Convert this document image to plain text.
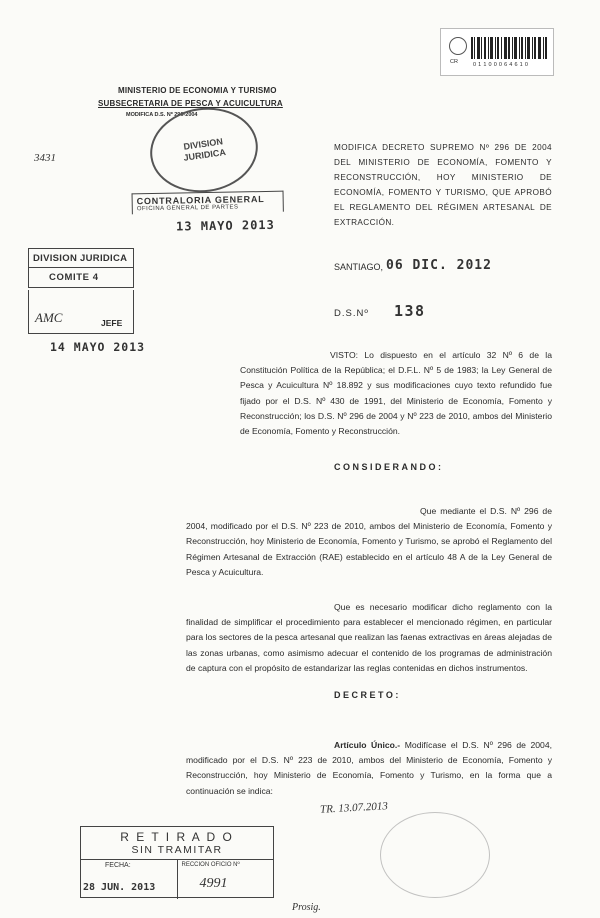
CR	0 1 1 0 0 0 6 4 6 1 0
MINISTERIO DE ECONOMIA Y TURISMO
SUBSECRETARIA DE PESCA Y ACUICULTURA
MODIFICA D.S. Nº 296-2004
DIVISION JURIDICA
3431
MODIFICA DECRETO SUPREMO Nº 296 DE 2004 DEL MINISTERIO DE ECONOMÍA, FOMENTO Y RECONSTRUCCIÓN, HOY MINISTERIO DE ECONOMÍA, FOMENTO Y TURISMO, QUE APROBÓ EL REGLAMENTO DEL RÉGIMEN ARTESANAL DE EXTRACCIÓN.
CONTRALORIA GENERAL
OFICINA GENERAL DE PARTES
13 MAYO 2013
DIVISION JURIDICA
COMITE 4
AMC	JEFE
14 MAYO 2013
SANTIAGO, 06 DIC. 2012
D.S.Nº 138
VISTO: Lo dispuesto en el artículo 32 Nº 6 de la Constitución Política de la República; el D.F.L. Nº 5 de 1983; la Ley General de Pesca y Acuicultura Nº 18.892 y sus modificaciones cuyo texto refundido fue fijado por el D.S. Nº 430 de 1991, del Ministerio de Economía, Fomento y Reconstrucción; los D.S. Nº 296 de 2004 y Nº 223 de 2010, ambos del Ministerio de Economía, Fomento y Reconstrucción.
CONSIDERANDO:
Que mediante el D.S. Nº 296 de 2004, modificado por el D.S. Nº 223 de 2010, ambos del Ministerio de Economía, Fomento y Reconstrucción, hoy Ministerio de Economía, Fomento y Turismo, se aprobó el Reglamento del Régimen Artesanal de Extracción (RAE) establecido en el artículo 48 A de la Ley General de Pesca y Acuicultura.
Que es necesario modificar dicho reglamento con la finalidad de simplificar el procedimiento para establecer el mencionado régimen, en particular para los sectores de la pesca artesanal que realizan las faenas extractivas en áreas alejadas de las zonas urbanas, como asimismo adecuar el contenido de los programas de administración de captura con el propósito de estandarizar las reglas contenidas en dichos instrumentos.
DECRETO:
Artículo Único.- Modifícase el D.S. Nº 296 de 2004, modificado por el D.S. Nº 223 de 2010, ambos del Ministerio de Economía, Fomento y Reconstrucción, hoy Ministerio de Economía, Fomento y Turismo, en la forma que a continuación se indica:
TR. 13.07.2013
R E T I R A D O
SIN TRAMITAR
FECHA:
28 JUN. 2013
RECCION OFICIO Nº
4991
Prosig.
